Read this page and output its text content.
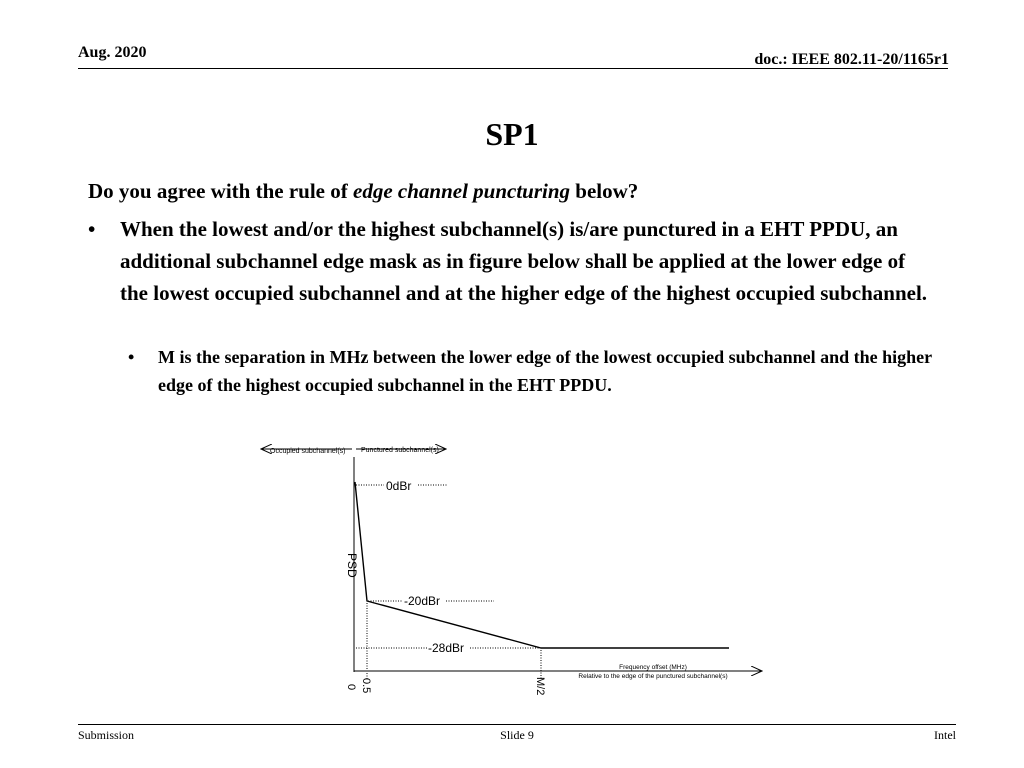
Aug. 2020	doc.: IEEE 802.11-20/1165r1
SP1
Do you agree with the rule of edge channel puncturing below?
•	When the lowest and/or the highest subchannel(s) is/are punctured in a EHT PPDU, an additional subchannel edge mask as in figure below shall be applied at the lower edge of the lowest occupied subchannel and at the higher edge of the highest occupied subchannel.
•	M is the separation in MHz between the lower edge of the lowest occupied subchannel and the higher edge of the highest occupied subchannel in the EHT PPDU.
Occupied subchannel(s) Punctured subchannel(s)
0dBr
-20dBr
-28dBr
PSD
0 0.5	M/2
Frequency offset (MHz)
Relative to the edge of the punctured subchannel(s)
Submission	Slide 9	Intel
